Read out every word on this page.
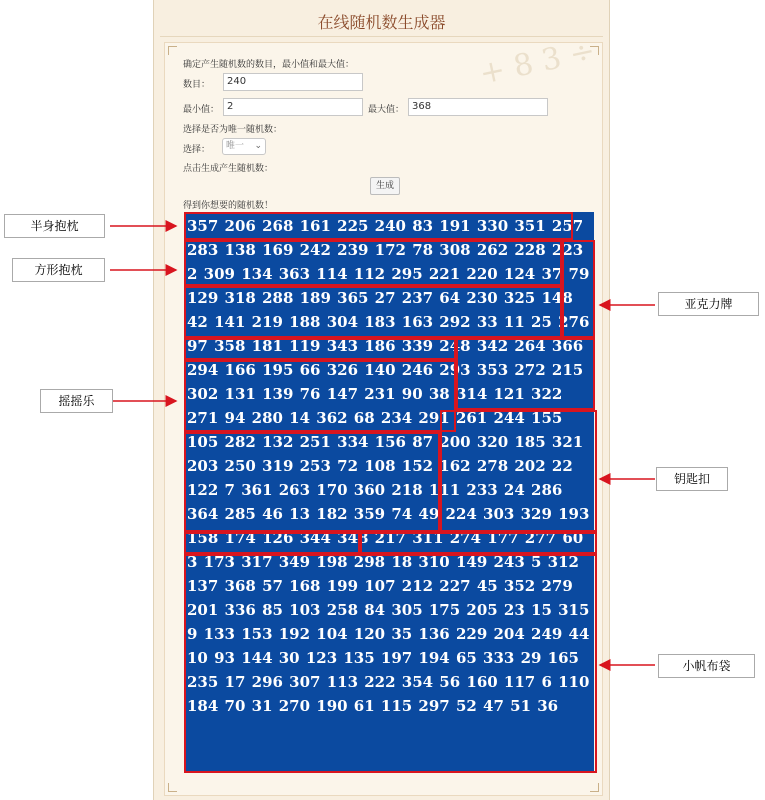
在线随机数生成器
+ 8 3 ÷
确定产生随机数的数目，最小值和最大值：
数目：	240
最小值： 2	最大值： 368
选择是否为唯一随机数：
选择：	唯一 ⌄
点击生成产生随机数：
生成
得到你想要的随机数！
357 206 268 161 225 240 83 191 330 351 257 283 138 169 242 239 172 78 308 262 228 223 2 309 134 363 114 112 295 221 220 124 37 79 129 318 288 189 365 27 237 64 230 325 148 42 141 219 188 304 183 163 292 33 11 25 276 97 358 181 119 343 186 339 248 342 264 366 294 166 195 66 326 140 246 293 353 272 215 302 131 139 76 147 231 90 38 314 121 322 271 94 280 14 362 68 234 291 261 244 155 105 282 132 251 334 156 87 200 320 185 321 203 250 319 253 72 108 152 162 278 202 22 122 7 361 263 170 360 218 111 233 24 286 364 285 46 13 182 359 74 49 224 303 329 193 158 174 126 344 348 217 311 274 177 277 60 3 173 317 349 198 298 18 310 149 243 5 312 137 368 57 168 199 107 212 227 45 352 279 201 336 85 103 258 84 305 175 205 23 15 315 9 133 153 192 104 120 35 136 229 204 249 44 10 93 144 30 123 135 197 194 65 333 29 165 235 17 296 307 113 222 354 56 160 117 6 110 184 70 31 270 190 61 115 297 52 47 51 36
半身抱枕
方形抱枕
摇摇乐
亚克力牌
钥匙扣
小帆布袋
